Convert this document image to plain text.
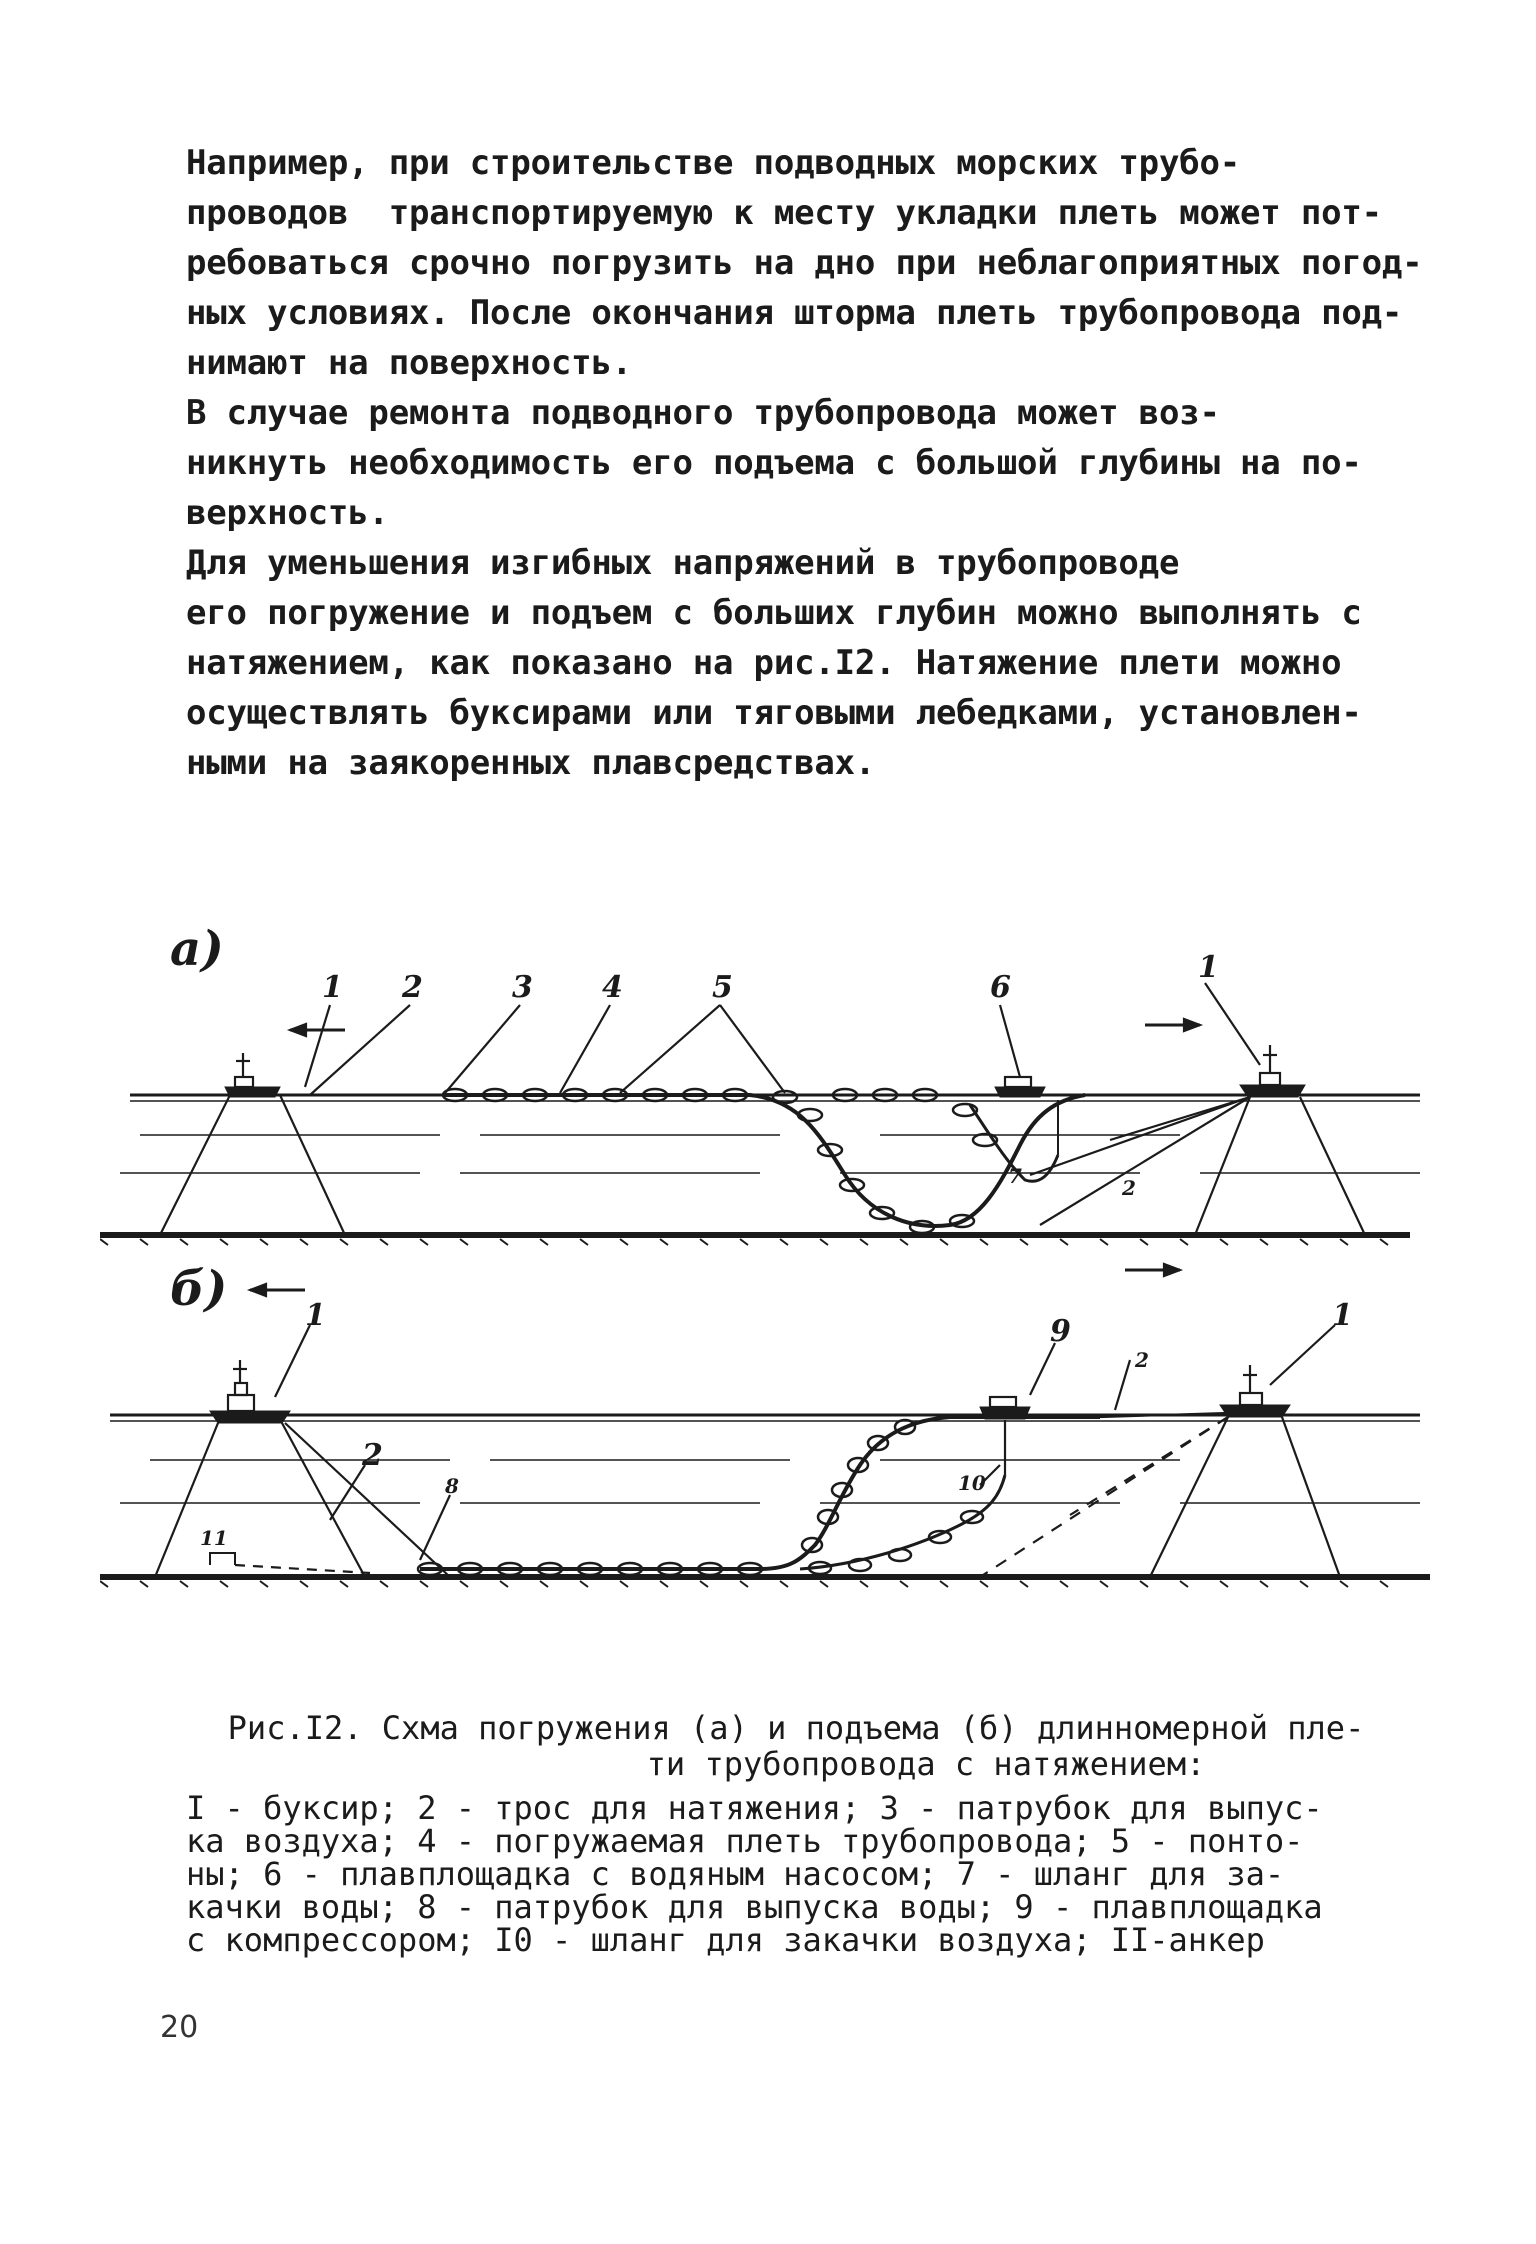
Например, при строительстве подводных морских трубо-
проводов  транспортируемую к месту укладки плеть может пот-
ребоваться срочно погрузить на дно при неблагоприятных погод-
ных условиях. После окончания шторма плеть трубопровода под-
нимают на поверхность.

В случае ремонта подводного трубопровода может воз-
никнуть необходимость его подъема с большой глубины на по-
верхность.

Для уменьшения изгибных напряжений в трубопроводе
его погружение и подъем с больших глубин можно выполнять с
натяжением, как показано на рис.I2. Натяжение плети можно
осуществлять буксирами или тяговыми лебедками, установлен-
ными на заякоренных плавсредствах.

а)
б)
1 2	3 4	5	6
1
7	2
1
2
8
11
10
9
2
1

Рис.I2. Схма погружения (а) и подъема (б) длинномерной пле-
ти трубопровода с натяжением:

I - буксир; 2 - трос для натяжения; 3 - патрубок для выпус-
ка воздуха; 4 - погружаемая плеть трубопровода; 5 - понто-
ны; 6 - плавплощадка с водяным насосом; 7 - шланг для за-
качки воды; 8 - патрубок для выпуска воды; 9 - плавплощадка
с компрессором; I0 - шланг для закачки воздуха; II-анкер

20
